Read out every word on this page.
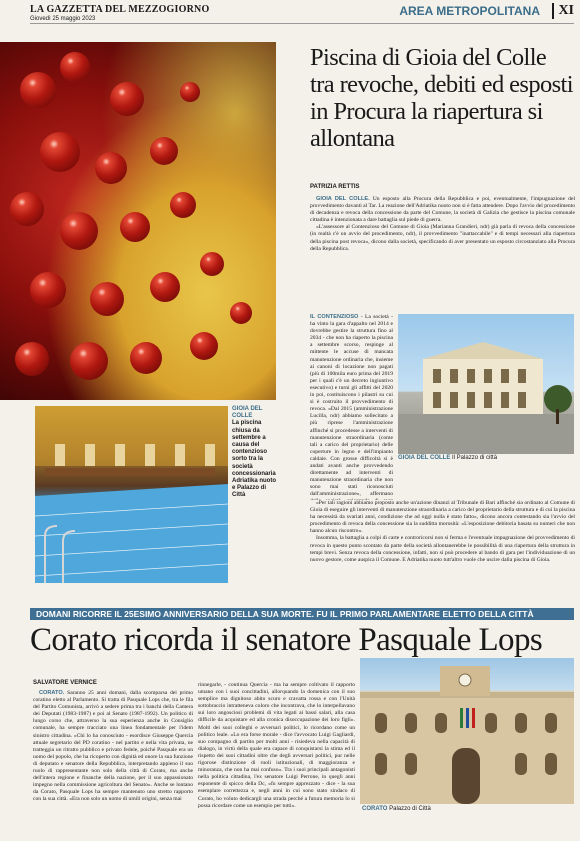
LA GAZZETTA DEL MEZZOGIORNO
Giovedì 25 maggio 2023
AREA METROPOLITANA	XI
Piscina di Gioia del Colle tra revoche, debiti ed esposti in Procura la riapertura si allontana
PATRIZIA RETTIS

GIOIA DEL COLLE. Un esposto alla Procura della Repubblica e poi, eventualmente, l'impugnazione del provvedimento davanti al Tar. La reazione dell'Adriatika nuoto non si è fatta attendere. Dopo l'avvio del procedimento di decadenza e revoca della concessione da parte del Comune, la società di Galizia che gestisce la piscina comunale cittadina è intenzionata a dare battaglia sul piede di guerra.

«L'assessore al Contenzioso del Comune di Gioia (Marianna Grandieri, ndr) già parla di revoca della concessione (in realtà c'è un avvio del procedimento, ndr), il provvedimento "inattaccabile" e di tempi necessari alla riapertura della piscina post revoca», dicono dalla società, specificando di aver presentato un esposto circostanziato alla Procura della Repubblica.

IL CONTENZIOSO - La società - ha vinto la gara d'appalto nel 2014 e dovrebbe gestire la struttura fino al 2034 - che non ha riaperto la piscina a settembre scorso, respinge al mittente le accuse di mancata manutenzione ordinaria che, insieme ai canoni di locazione non pagati (più di 100mila euro prima del 2019 per i quali c'è un decreto ingiuntivo esecutivo) e turni gli affitti del 2020 in poi, costituiscono i pilastri su cui si è costruito il provvedimento di revoca. «Dal 2015 (amministrazione Lucilla, ndr) abbiamo sollecitato a più riprese l'amministrazione affinché si procedesse a interventi di manutenzione straordinaria (come tali a carico del proprietario) delle coperture in legno e dell'impianto caldaie. Con grosse difficoltà si è andati avanti anche provvedendo direttamente ad interventi di manutenzione straordinaria che non sono mai stati riconosciuti dall'amministrazione», affermano

«Per tali ragioni abbiamo proposto anche un'azione dinanzi al Tribunale di Bari affinché sia ordinato al Comune di Gioia di eseguire gli interventi di manutenzione straordinaria a carico del proprietario della struttura e di cui la piscina ha necessità da svariati anni, condizione che ad oggi nulla è stato fatto», dicono ancora contestando sia l'avvio del procedimento di revoca della concessione sia la sudditta morosità: «L'esposizione debitoria basata su numeri che non hanno alcun riscontro».

Insomma, la battaglia a colpi di carte e controricorsi non si ferma e l'eventuale impugnazione del provvedimento di revoca in questo punto scontato da parte della società allontanerebbe le possibilità di una riapertura della struttura in tempi brevi. Senza revoca della concessione, infatti, non si può procedere al bando di gara per l'individuazione di un nuovo gestore, come auspica il Comune. E Adriatika nuoto tutt'altro vuole che uscire dalla piscina di Gioia.

GIOIA DEL COLLE
La piscina chiusa da settembre a causa del contenzioso sorto tra la società concessionaria Adriatika nuoto e Palazzo di Città
GIOIA DEL COLLE Il Palazzo di città
DOMANI RICORRE IL 25ESIMO ANNIVERSARIO DELLA SUA MORTE. FU IL PRIMO PARLAMENTARE ELETTO DELLA CITTÀ
Corato ricorda il senatore Pasquale Lops
SALVATORE VERNICE

CORATO. Saranno 25 anni domani, dalla scomparsa del primo coratino eletto al Parlamento. Si tratta di Pasquale Lops che, tra le fila del Partito Comunista, arrivò a sedere prima tra i banchi della Camera dei Deputati (1983-1987) e poi al Senato (1987-1992). Un politico di lungo corso che, attraverso la sua esperienza anche in Consiglio comunale, ha sempre tracciato una linea fondamentale per l'idem sinistro cittadina. «Chi lo ha conosciuto - esordisce Giuseppe Quercia attuale segretario del PD coratino - nel partito e nella vita privata, ne tratteggia un ritratto pubblico e privato fedele, poiché Pasquale era un uomo del popolo, che ha ricoperto con dignità ed onore la sua funzione di deputato e senatore della Repubblica, interpretando appieno il suo ruolo di rappresentante non solo della città di Corato, ma anche dell'intera regione e finanche della nazione, per il suo appassionato impegno nella commissione agricoltura del Senato». Anche se lontano da Corato, Pasquale Lops ha sempre mantenuto uno stretto rapporto con la sua città. «Era non solo un uomo di umili origini, senza mai

rinnegarle, - continua Quercia - ma ha sempre coltivato il rapporto umano con i suoi concittadini, allorquando la domenica con il suo semplice ma dignitoso abito scuro e cravatta rossa e con l'Unità sottobraccio intratteneva coloro che incontrava, che lo interpellavano sui loro angosciosi problemi di vita legati ai bassi salari, alla casa difficile da acquistare ed alla cronica disoccupazione dei loro figli». Molti dei suoi colleghi e avversari politici, lo ricordano come un politico leale. «Lo era forse morale - dice l'avvocato Luigi Gagliardi, suo compagno di partito per molti anni - risiedeva nella capacità di dialogo, in virtù della quale era capace di conquistarsi la stima ed il rispetto dei suoi cittadini oltre che degli avversari politici, pur nelle rigorose distinzione di ruoli istituzionali, di maggioranza e minoranza, che non ha mai confuso». Tra i suoi principali antagonisti nella politica cittadina, l'ex senatore Luigi Perrone, in quegli anni esponente di spicco della Dc, «fu sempre apprezzato - dice - la sua esemplare correttezza e, negli anni in cui sono stato sindaco di Corato, ho voluto dedicargli una strada perché a futura memoria lo si possa ricordare come un esempio per tutti».

CORATO Palazzo di Città
